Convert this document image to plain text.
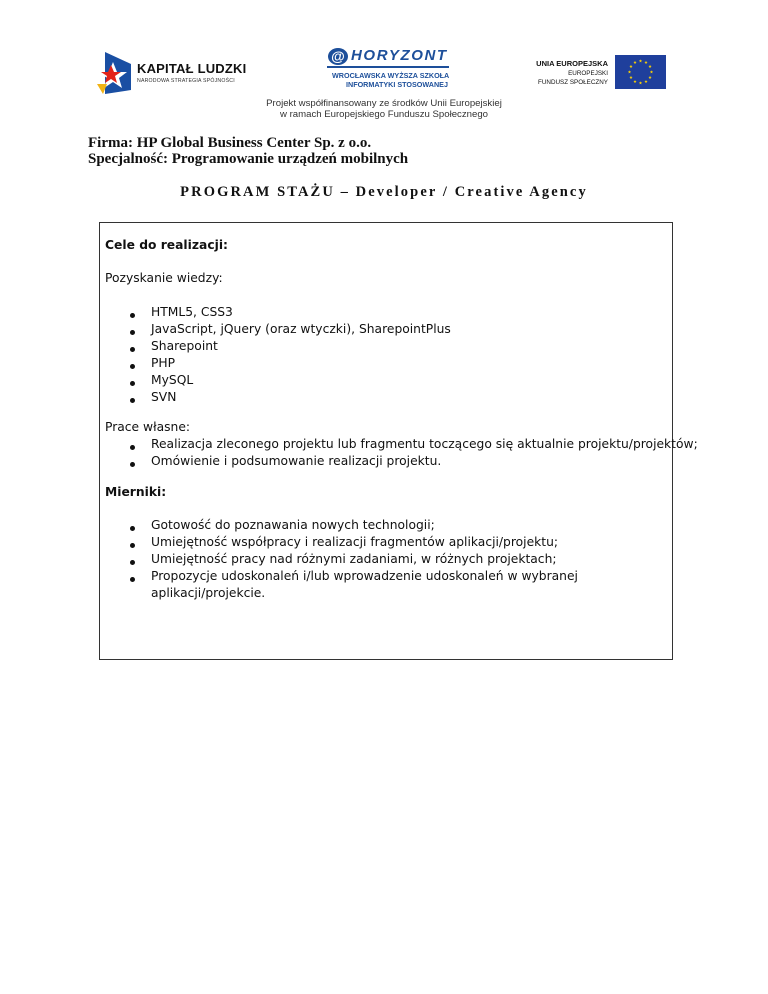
KAPITAŁ LUDZKI
NARODOWA STRATEGIA SPÓJNOŚCI
@ HORYZONT
WROCŁAWSKA WYŻSZA SZKOŁA
INFORMATYKI STOSOWANEJ
UNIA EUROPEJSKA
EUROPEJSKI
FUNDUSZ SPOŁECZNY
Projekt współfinansowany ze środków Unii Europejskiej
w ramach Europejskiego Funduszu Społecznego
Firma: HP Global Business Center Sp. z o.o.
Specjalność: Programowanie urządzeń mobilnych
PROGRAM STAŻU – Developer / Creative Agency
Cele do realizacji:
Pozyskanie wiedzy:
HTML5, CSS3
JavaScript, jQuery (oraz wtyczki), SharepointPlus
Sharepoint
PHP
MySQL
SVN
Prace własne:
Realizacja zleconego projektu lub fragmentu toczącego się aktualnie projektu/projektów;
Omówienie i podsumowanie realizacji projektu.
Mierniki:
Gotowość do poznawania nowych technologii;
Umiejętność współpracy i realizacji fragmentów aplikacji/projektu;
Umiejętność pracy nad różnymi zadaniami, w różnych projektach;
Propozycje udoskonaleń i/lub wprowadzenie udoskonaleń w wybranej
aplikacji/projekcie.
